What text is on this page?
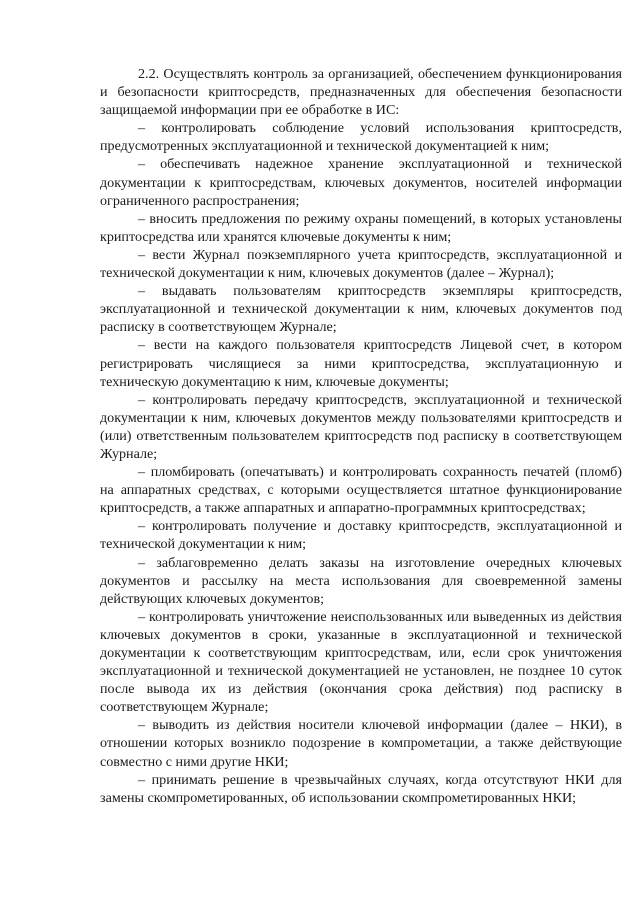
2.2. Осуществлять контроль за организацией, обеспечением функционирования и безопасности криптосредств, предназначенных для обеспечения безопасности защищаемой информации при ее обработке в ИС:

– контролировать соблюдение условий использования криптосредств, предусмотренных эксплуатационной и технической документацией к ним;

– обеспечивать надежное хранение эксплуатационной и технической документации к криптосредствам, ключевых документов, носителей информации ограниченного распространения;

– вносить предложения по режиму охраны помещений, в которых установлены криптосредства или хранятся ключевые документы к ним;

– вести Журнал поэкземплярного учета криптосредств, эксплуатационной и технической документации к ним, ключевых документов (далее – Журнал);

– выдавать пользователям криптосредств экземпляры криптосредств, эксплуатационной и технической документации к ним, ключевых документов под расписку в соответствующем Журнале;

– вести на каждого пользователя криптосредств Лицевой счет, в котором регистрировать числящиеся за ними криптосредства, эксплуатационную и техническую документацию к ним, ключевые документы;

– контролировать передачу криптосредств, эксплуатационной и технической документации к ним, ключевых документов между пользователями криптосредств и (или) ответственным пользователем криптосредств под расписку в соответствующем Журнале;

– пломбировать (опечатывать) и контролировать сохранность печатей (пломб) на аппаратных средствах, с которыми осуществляется штатное функционирование криптосредств, а также аппаратных и аппаратно-программных криптосредствах;

– контролировать получение и доставку криптосредств, эксплуатационной и технической документации к ним;

– заблаговременно делать заказы на изготовление очередных ключевых документов и рассылку на места использования для своевременной замены действующих ключевых документов;

– контролировать уничтожение неиспользованных или выведенных из действия ключевых документов в сроки, указанные в эксплуатационной и технической документации к соответствующим криптосредствам, или, если срок уничтожения эксплуатационной и технической документацией не установлен, не позднее 10 суток после вывода их из действия (окончания срока действия) под расписку в соответствующем Журнале;

– выводить из действия носители ключевой информации (далее – НКИ), в отношении которых возникло подозрение в компрометации, а также действующие совместно с ними другие НКИ;

– принимать решение в чрезвычайных случаях, когда отсутствуют НКИ для замены скомпрометированных, об использовании скомпрометированных НКИ;
